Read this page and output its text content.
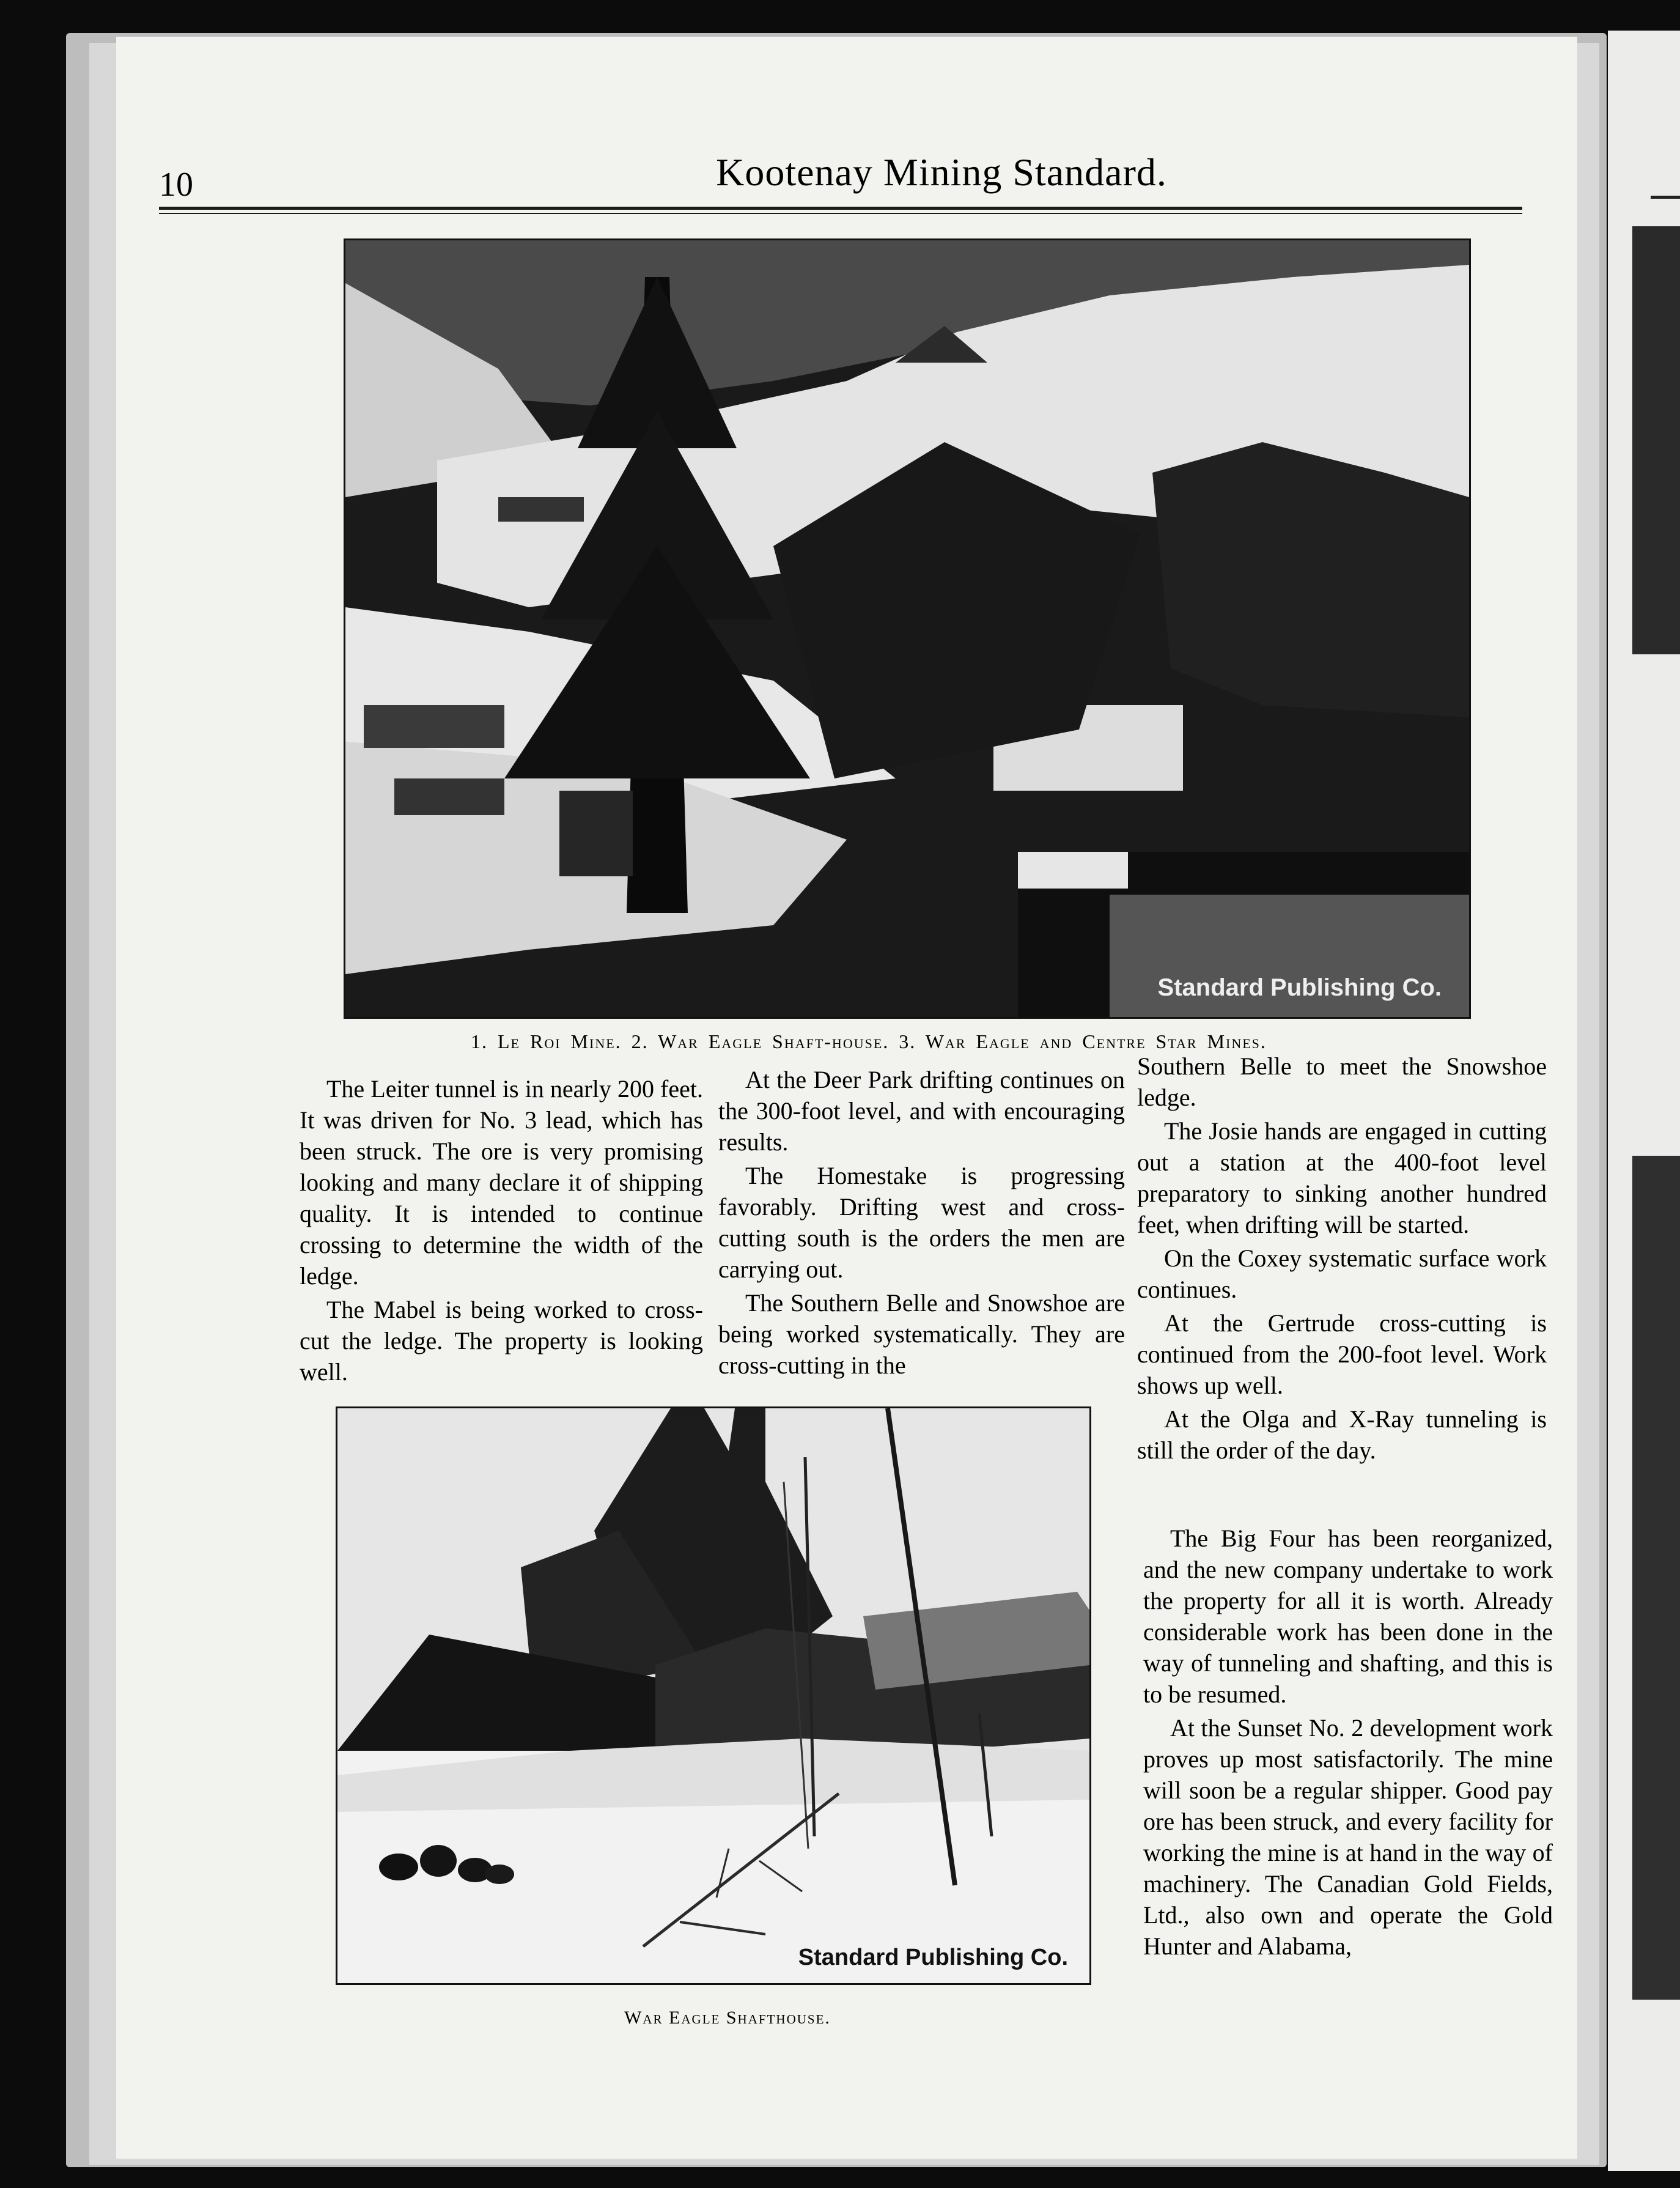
10	Kootenay Mining Standard.
Standard Publishing Co.
1. Le Roi Mine. 2. War Eagle Shaft-house. 3. War Eagle and Centre Star Mines.

The Leiter tunnel is in nearly 200 feet. It was driven for No. 3 lead, which has been struck. The ore is very promising looking and many declare it of shipping quality. It is intended to continue crossing to determine the width of the ledge.

The Mabel is being worked to cross-cut the ledge. The property is looking well.

At the Deer Park drifting continues on the 300-foot level, and with encouraging results.

The Homestake is progressing favorably. Drifting west and cross-cutting south is the orders the men are carrying out.

The Southern Belle and Snowshoe are being worked systematically. They are cross-cutting in the

Southern Belle to meet the Snowshoe ledge.

The Josie hands are engaged in cutting out a station at the 400-foot level preparatory to sinking another hundred feet, when drifting will be started.

On the Coxey systematic surface work continues.

At the Gertrude cross-cutting is continued from the 200-foot level. Work shows up well.

At the Olga and X-Ray tunneling is still the order of the day.

The Big Four has been reorganized, and the new company undertake to work the property for all it is worth. Already considerable work has been done in the way of tunneling and shafting, and this is to be resumed.

At the Sunset No. 2 development work proves up most satisfactorily. The mine will soon be a regular shipper. Good pay ore has been struck, and every facility for working the mine is at hand in the way of machinery. The Canadian Gold Fields, Ltd., also own and operate the Gold Hunter and Alabama,

Standard Publishing Co.
War Eagle Shafthouse.
